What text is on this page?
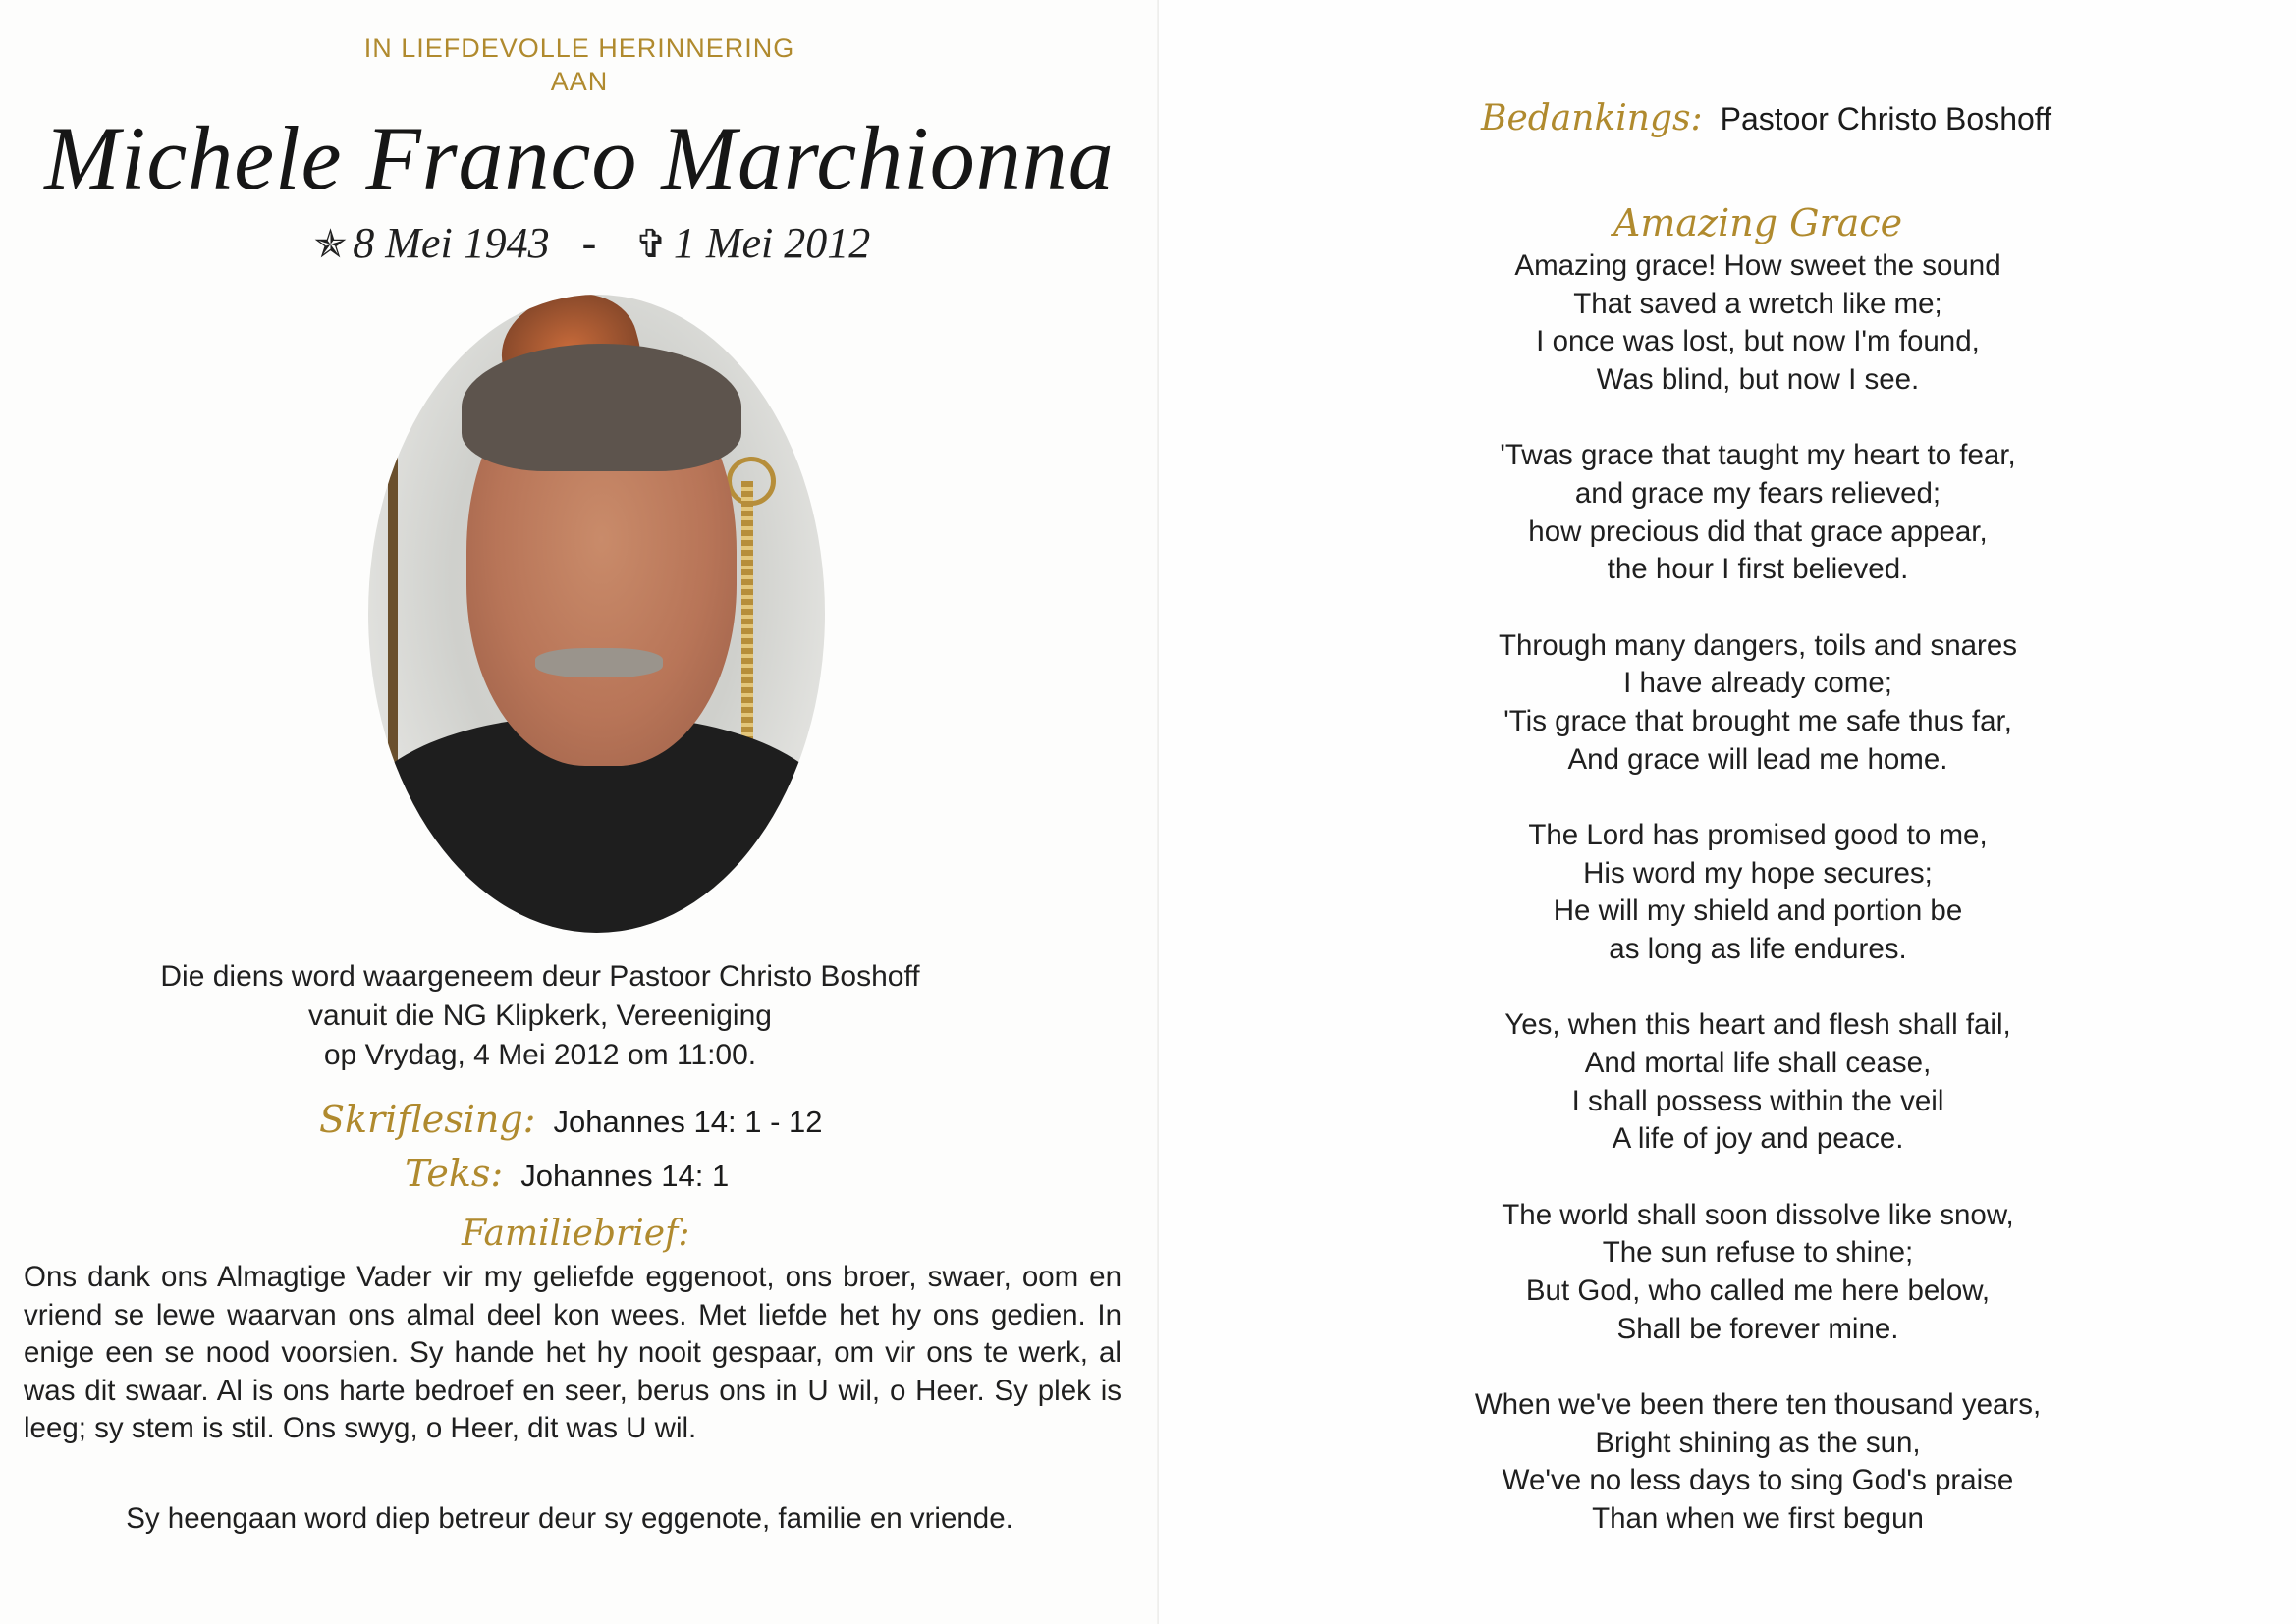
IN LIEFDEVOLLE HERINNERING
AAN
Michele Franco Marchionna
✯ 8 Mei 1943 - ✞ 1 Mei 2012
Die diens word waargeneem deur Pastoor Christo Boshoff
vanuit die NG Klipkerk, Vereeniging
op Vrydag, 4 Mei 2012 om 11:00.
Skriflesing: Johannes 14: 1 - 12
Teks: Johannes 14: 1
Familiebrief:
Ons dank ons Almagtige Vader vir my geliefde eggenoot, ons broer, swaer, oom en vriend se lewe waarvan ons almal deel kon wees. Met liefde het hy ons gedien. In enige een se nood voorsien. Sy hande het hy nooit gespaar, om vir ons te werk, al was dit swaar. Al is ons harte bedroef en seer, berus ons in U wil, o Heer. Sy plek is leeg; sy stem is stil. Ons swyg, o Heer, dit was U wil.
Sy heengaan word diep betreur deur sy eggenote, familie en vriende.
Bedankings: Pastoor Christo Boshoff
Amazing Grace
Amazing grace! How sweet the sound
That saved a wretch like me;
I once was lost, but now I'm found,
Was blind, but now I see.
'Twas grace that taught my heart to fear,
and grace my fears relieved;
how precious did that grace appear,
the hour I first believed.
Through many dangers, toils and snares
I have already come;
'Tis grace that brought me safe thus far,
And grace will lead me home.
The Lord has promised good to me,
His word my hope secures;
He will my shield and portion be
as long as life endures.
Yes, when this heart and flesh shall fail,
And mortal life shall cease,
I shall possess within the veil
A life of joy and peace.
The world shall soon dissolve like snow,
The sun refuse to shine;
But God, who called me here below,
Shall be forever mine.
When we've been there ten thousand years,
Bright shining as the sun,
We've no less days to sing God's praise
Than when we first begun
